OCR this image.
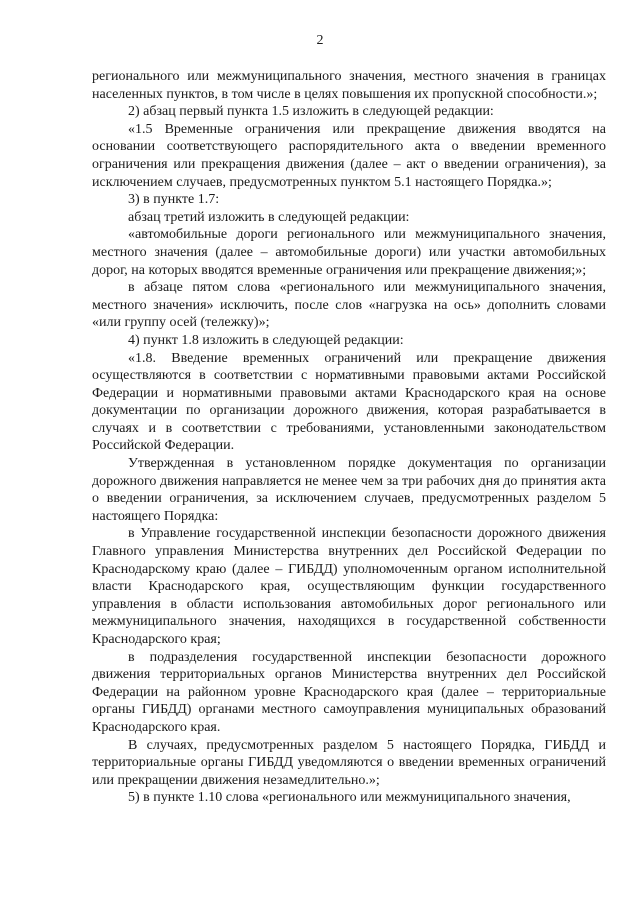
2

регионального или межмуниципального значения, местного значения в границах населенных пунктов, в том числе в целях повышения их пропускной способности.»;

2) абзац первый пункта 1.5 изложить в следующей редакции:

«1.5 Временные ограничения или прекращение движения вводятся на основании соответствующего распорядительного акта о введении временного ограничения или прекращения движения (далее – акт о введении ограничения), за исключением случаев, предусмотренных пунктом 5.1 настоящего Порядка.»;

3) в пункте 1.7:

абзац третий изложить в следующей редакции:

«автомобильные дороги регионального или межмуниципального значения, местного значения (далее – автомобильные дороги) или участки автомобильных дорог, на которых вводятся временные ограничения или прекращение движения;»;

в абзаце пятом слова «регионального или межмуниципального значения, местного значения» исключить, после слов «нагрузка на ось» дополнить словами «или группу осей (тележку)»;

4) пункт 1.8 изложить в следующей редакции:

«1.8. Введение временных ограничений или прекращение движения осуществляются в соответствии с нормативными правовыми актами Российской Федерации и нормативными правовыми актами Краснодарского края на основе документации по организации дорожного движения, которая разрабатывается в случаях и в соответствии с требованиями, установленными законодательством Российской Федерации.

Утвержденная в установленном порядке документация по организации дорожного движения направляется не менее чем за три рабочих дня до принятия акта о введении ограничения, за исключением случаев, предусмотренных разделом 5 настоящего Порядка:

в Управление государственной инспекции безопасности дорожного движения Главного управления Министерства внутренних дел Российской Федерации по Краснодарскому краю (далее – ГИБДД) уполномоченным органом исполнительной власти Краснодарского края, осуществляющим функции государственного управления в области использования автомобильных дорог регионального или межмуниципального значения, находящихся в государственной собственности Краснодарского края;

в подразделения государственной инспекции безопасности дорожного движения территориальных органов Министерства внутренних дел Российской Федерации на районном уровне Краснодарского края (далее – территориальные органы ГИБДД) органами местного самоуправления муниципальных образований Краснодарского края.

В случаях, предусмотренных разделом 5 настоящего Порядка, ГИБДД и территориальные органы ГИБДД уведомляются о введении временных ограничений или прекращении движения незамедлительно.»;

5) в пункте 1.10 слова «регионального или межмуниципального значения,
